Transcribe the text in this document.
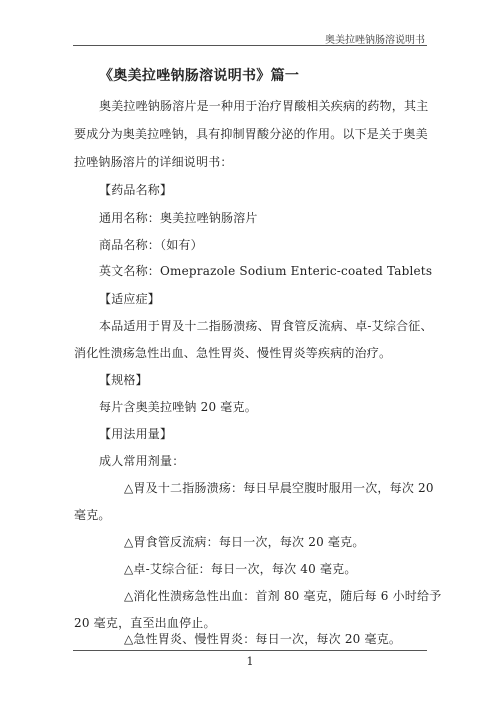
奥美拉唑钠肠溶说明书
《奥美拉唑钠肠溶说明书》篇一
奥美拉唑钠肠溶片是一种用于治疗胃酸相关疾病的药物，其主
要成分为奥美拉唑钠，具有抑制胃酸分泌的作用。以下是关于奥美
拉唑钠肠溶片的详细说明书：
【药品名称】
通用名称：奥美拉唑钠肠溶片
商品名称：（如有）
英文名称：Omeprazole Sodium Enteric-coated Tablets
【适应症】
本品适用于胃及十二指肠溃疡、胃食管反流病、卓-艾综合征、
消化性溃疡急性出血、急性胃炎、慢性胃炎等疾病的治疗。
【规格】
每片含奥美拉唑钠 20 毫克。
【用法用量】
成人常用剂量：
△胃及十二指肠溃疡：每日早晨空腹时服用一次，每次 20
毫克。
△胃食管反流病：每日一次，每次 20 毫克。
△卓-艾综合征：每日一次，每次 40 毫克。
△消化性溃疡急性出血：首剂 80 毫克，随后每 6 小时给予
20 毫克，直至出血停止。
△急性胃炎、慢性胃炎：每日一次，每次 20 毫克。
1
